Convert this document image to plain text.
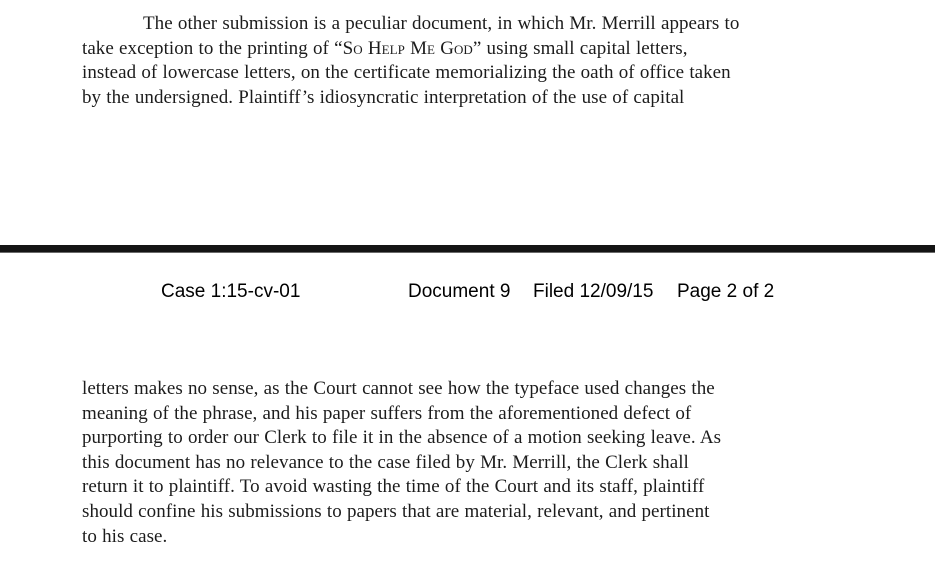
The other submission is a peculiar document, in which Mr. Merrill appears to
take exception to the printing of “So Help Me God” using small capital letters,
instead of lowercase letters, on the certificate memorializing the oath of office taken
by the undersigned. Plaintiff’s idiosyncratic interpretation of the use of capital

Case 1:15-cv-01	Document 9 Filed 12/09/15 Page 2 of 2

letters makes no sense, as the Court cannot see how the typeface used changes the
meaning of the phrase, and his paper suffers from the aforementioned defect of
purporting to order our Clerk to file it in the absence of a motion seeking leave. As
this document has no relevance to the case filed by Mr. Merrill, the Clerk shall
return it to plaintiff. To avoid wasting the time of the Court and its staff, plaintiff
should confine his submissions to papers that are material, relevant, and pertinent
to his case.
